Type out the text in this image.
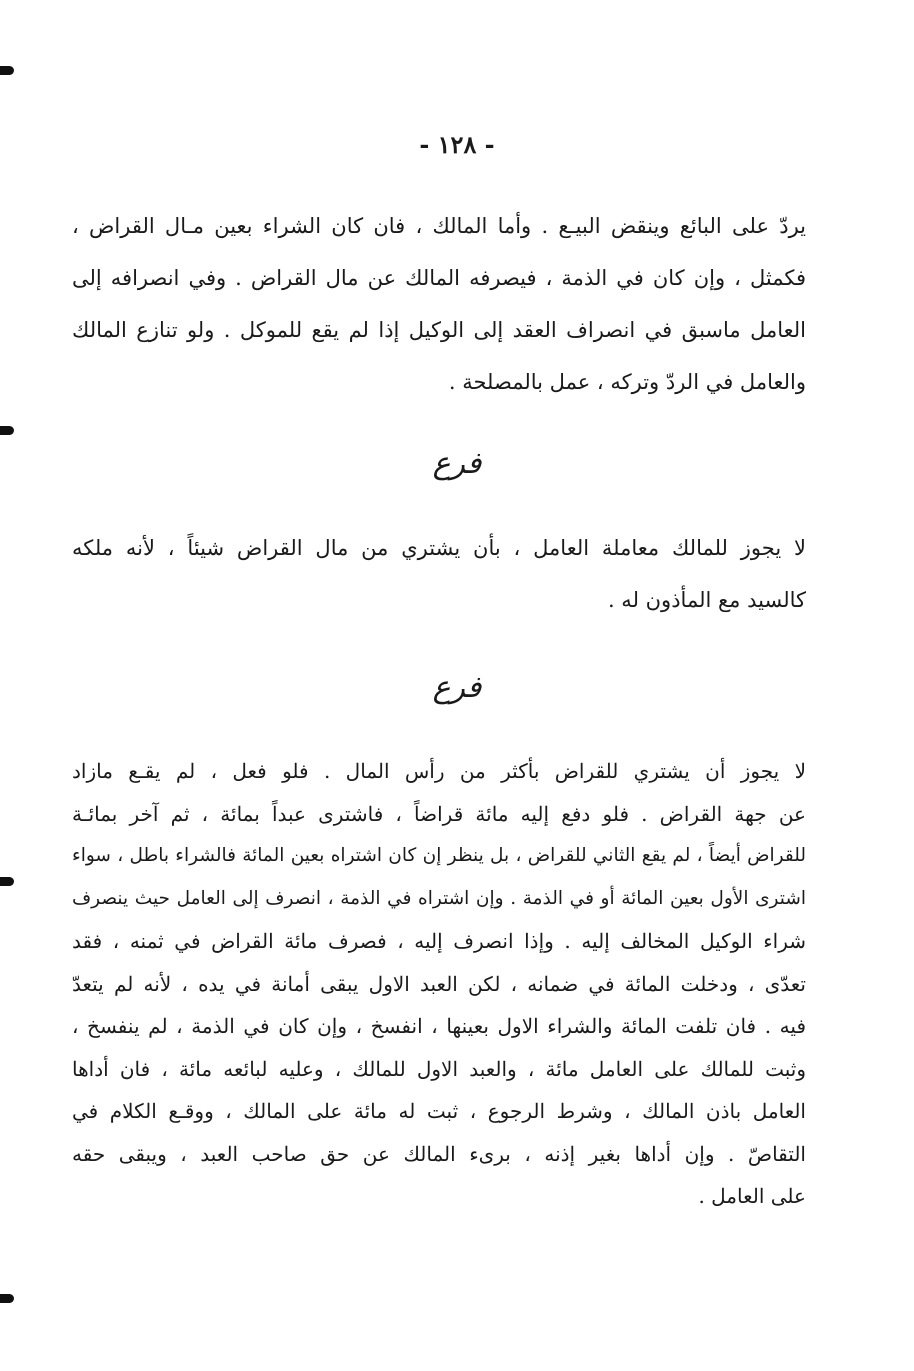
- ١٢٨ -
يردّ على البائع وينقض البيـع . وأما المالك ، فان كان الشراء بعين مـال القراض ،
فكمثل ، وإن كان في الذمة ، فيصرفه المالك عن مال القراض . وفي انصرافه إلى
العامل ماسبق في انصراف العقد إلى الوكيل إذا لم يقع للموكل . ولو تنازع المالك
والعامل في الردّ وتركه ، عمل بالمصلحة .
فرع
لا يجوز للمالك معاملة العامل ، بأن يشتري من مال القراض شيئاً ، لأنه ملكه
كالسيد مع المأذون له .
فرع
لا يجوز أن يشتري للقراض بأكثر من رأس المال . فلو فعل ، لم يقـع مازاد
عن جهة القراض . فلو دفع إليه مائة قراضاً ، فاشترى عبداً بمائة ، ثم آخر بمائـة
للقراض أيضاً ، لم يقع الثاني للقراض ، بل ينظر إن كان اشتراه بعين المائة فالشراء باطل ، سواء
اشترى الأول بعين المائة أو في الذمة . وإن اشتراه في الذمة ، انصرف إلى العامل حيث ينصرف
شراء الوكيل المخالف إليه . وإذا انصرف إليه ، فصرف مائة القراض في ثمنه ، فقد
تعدّى ، ودخلت المائة في ضمانه ، لكن العبد الاول يبقى أمانة في يده ، لأنه لم يتعدّ
فيه . فان تلفت المائة والشراء الاول بعينها ، انفسخ ، وإن كان في الذمة ، لم ينفسخ ،
وثبت للمالك على العامل مائة ، والعبد الاول للمالك ، وعليه لبائعه مائة ، فان أداها
العامل باذن المالك ، وشرط الرجوع ، ثبت له مائة على المالك ، ووقـع الكلام في
التقاصّ . وإن أداها بغير إذنه ، برىء المالك عن حق صاحب العبد ، ويبقى حقه
على العامل .
